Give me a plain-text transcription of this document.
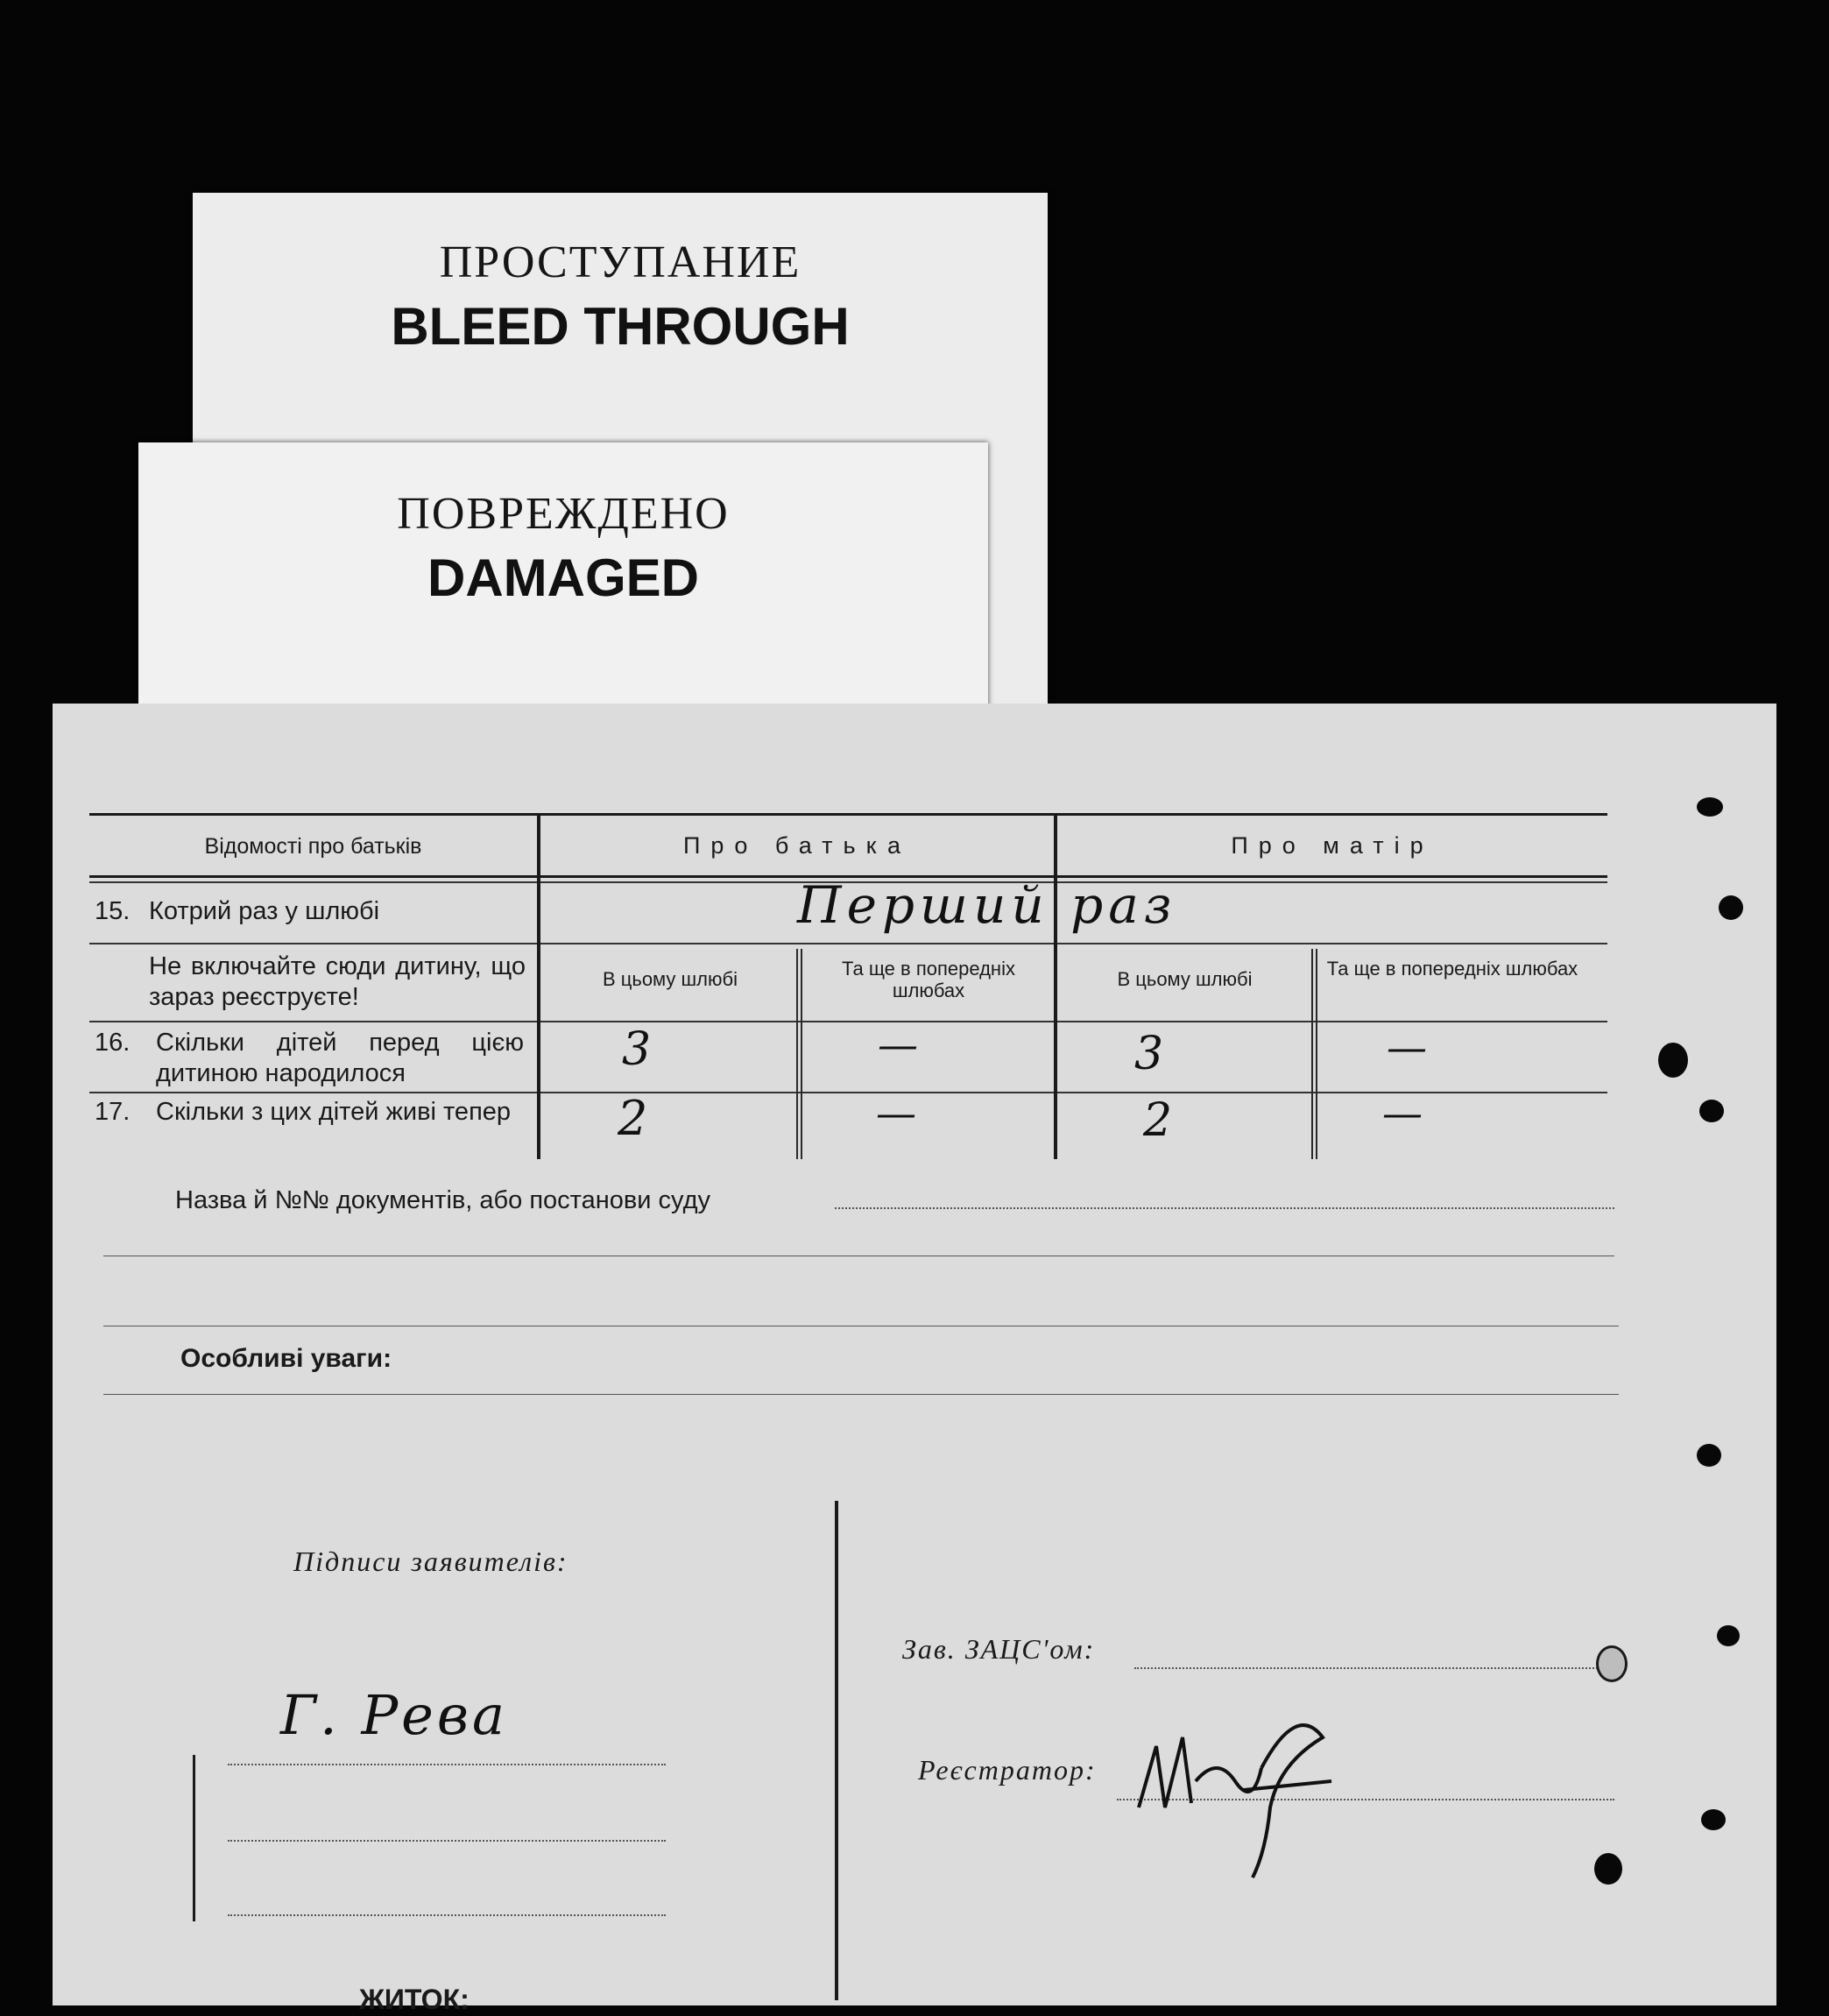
ПРОСТУПАНИЕ
BLEED THROUGH
ПОВРЕЖДЕНО
DAMAGED
Відомості про батьків	Про батька	Про матір
15. Котрий раз у шлюбі	Перший раз
Не включайте сюди дитину, що зараз реєструєте!
В цьому шлюбі	Та ще в попередніх шлюбах
В цьому шлюбі	Та ще в попередніх шлюбах
16. Скільки дітей перед цією дитиною народилося	3	—	3	—
17. Скільки з цих дітей живі тепер 2	—	2	—
Назва й №№ документів, або постанови суду
Особливі уваги:
Підписи заявителів:
Г. Рева
Зав. ЗАЦС'ом:
Реєстратор:
ЖИТОК:
